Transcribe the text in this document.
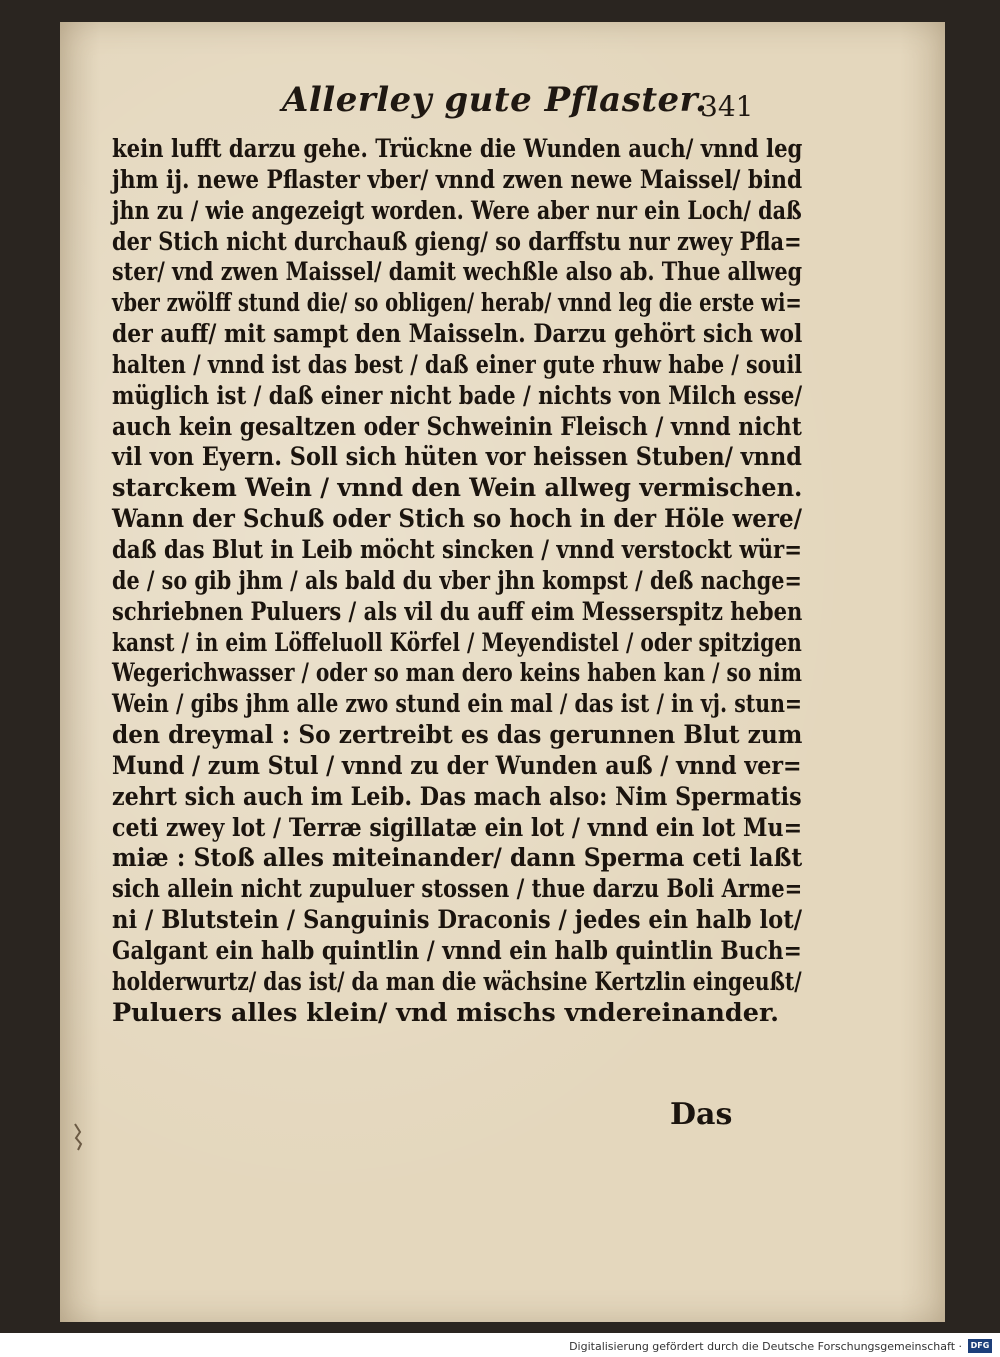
Allerley gute Pflaster.
341
kein lufft darzu gehe. Trückne die Wunden auch/ vnnd leg
jhm ij. newe Pflaster vber/ vnnd zwen newe Maissel/ bind
jhn zu / wie angezeigt worden. Were aber nur ein Loch/ daß
der Stich nicht durchauß gieng/ so darffstu nur zwey Pfla=
ster/ vnd zwen Maissel/ damit wechßle also ab. Thue allweg
vber zwölff stund die/ so obligen/ herab/ vnnd leg die erste wi=
der auff/ mit sampt den Maisseln. Darzu gehört sich wol
halten / vnnd ist das best / daß einer gute rhuw habe / souil
müglich ist / daß einer nicht bade / nichts von Milch esse/
auch kein gesaltzen oder Schweinin Fleisch / vnnd nicht
vil von Eyern. Soll sich hüten vor heissen Stuben/ vnnd
starckem Wein / vnnd den Wein allweg vermischen.
Wann der Schuß oder Stich so hoch in der Höle were/
daß das Blut in Leib möcht sincken / vnnd verstockt wür=
de / so gib jhm / als bald du vber jhn kompst / deß nachge=
schriebnen Puluers / als vil du auff eim Messerspitz heben
kanst / in eim Löffeluoll Körfel / Meyendistel / oder spitzigen
Wegerichwasser / oder so man dero keins haben kan / so nim
Wein / gibs jhm alle zwo stund ein mal / das ist / in vj. stun=
den dreymal : So zertreibt es das gerunnen Blut zum
Mund / zum Stul / vnnd zu der Wunden auß / vnnd ver=
zehrt sich auch im Leib. Das mach also: Nim Spermatis
ceti zwey lot / Terræ sigillatæ ein lot / vnnd ein lot Mu=
miæ : Stoß alles miteinander/ dann Sperma ceti laßt
sich allein nicht zupuluer stossen / thue darzu Boli Arme=
ni / Blutstein / Sanguinis Draconis / jedes ein halb lot/
Galgant ein halb quintlin / vnnd ein halb quintlin Buch=
holderwurtz/ das ist/ da man die wächsine Kertzlin eingeußt/
Puluers alles klein/ vnd mischs vndereinander.
Das
Digitalisierung gefördert durch die Deutsche Forschungsgemeinschaft ·	DFG
